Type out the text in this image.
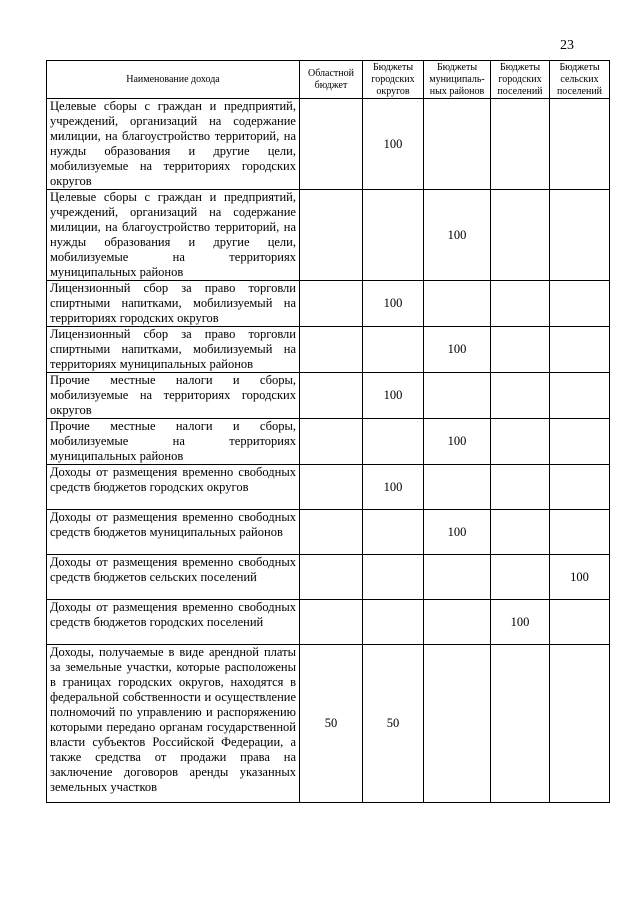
23
Наименование дохода	Областной бюджет	Бюджеты городских округов	Бюджеты муниципаль-ных районов	Бюджеты городских поселений	Бюджеты сельских поселений
Целевые сборы с граждан и предприятий, учреждений, организаций на содержание милиции, на благоустройство территорий, на нужды образования и другие цели, мобилизуемые на территориях городских округов		100			
Целевые сборы с граждан и предприятий, учреждений, организаций на содержание милиции, на благоустройство территорий, на нужды образования и другие цели, мобилизуемые на территориях муниципальных районов			100		
Лицензионный сбор за право торговли спиртными напитками, мобилизуемый на территориях городских округов		100			
Лицензионный сбор за право торговли спиртными напитками, мобилизуемый на территориях муниципальных районов			100		
Прочие местные налоги и сборы, мобилизуемые на территориях городских округов		100			
Прочие местные налоги и сборы, мобилизуемые на территориях муниципальных районов			100		
Доходы от размещения временно свободных средств бюджетов городских округов		100			
Доходы от размещения временно свободных средств бюджетов муниципальных районов			100		
Доходы от размещения временно свободных средств бюджетов сельских поселений					100
Доходы от размещения временно свободных средств бюджетов городских поселений				100	
Доходы, получаемые в виде арендной платы за земельные участки, которые расположены в границах городских округов, находятся в федеральной собственности и осуществление полномочий по управлению и распоряжению которыми передано органам государственной власти субъектов Российской Федерации, а также средства от продажи права на заключение договоров аренды указанных земельных участков	50	50			
